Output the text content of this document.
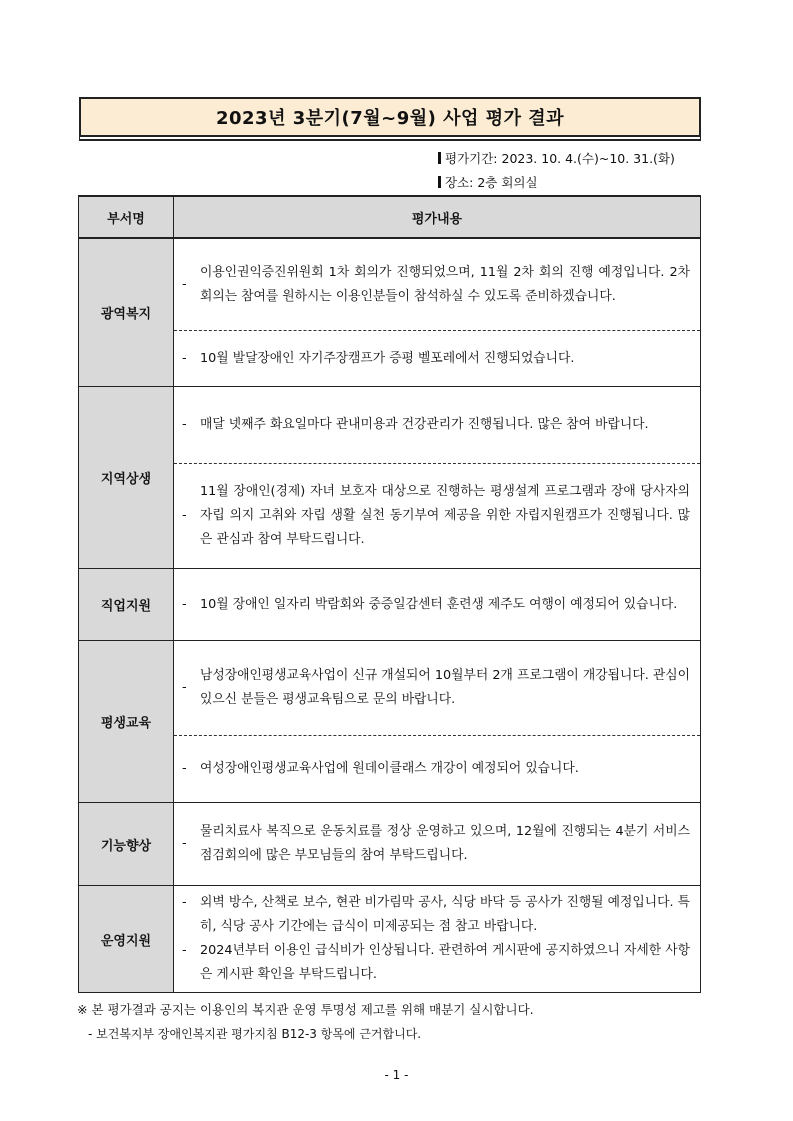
2023년 3분기(7월~9월) 사업 평가 결과
평가기간: 2023. 10. 4.(수)~10. 31.(화)
장소: 2층 회의실
부서명	평가내용
광역복지	-
이용인권익증진위원회 1차 회의가 진행되었으며, 11월 2차 회의 진행 예정입니다. 2차 회의는 참여를 원하시는 이용인분들이 참석하실 수 있도록 준비하겠습니다.
- 10월 발달장애인 자기주장캠프가 증평 벨포레에서 진행되었습니다.

지역상생	- 매달 넷째주 화요일마다 관내미용과 건강관리가 진행됩니다. 많은 참여 바랍니다.
-
11월 장애인(경제) 자녀 보호자 대상으로 진행하는 평생설계 프로그램과 장애 당사자의 자립 의지 고취와 자립 생활 실천 동기부여 제공을 위한 자립지원캠프가 진행됩니다. 많은 관심과 참여 부탁드립니다.

직업지원	- 10월 장애인 일자리 박람회와 중증일감센터 훈련생 제주도 여행이 예정되어 있습니다.

평생교육	-
남성장애인평생교육사업이 신규 개설되어 10월부터 2개 프로그램이 개강됩니다. 관심이 있으신 분들은 평생교육팀으로 문의 바랍니다.
- 여성장애인평생교육사업에 원데이클래스 개강이 예정되어 있습니다.

기능향상	-
물리치료사 복직으로 운동치료를 정상 운영하고 있으며, 12월에 진행되는 4분기 서비스점검회의에 많은 부모님들의 참여 부탁드립니다.

운영지원	- 외벽 방수, 산책로 보수, 현관 비가림막 공사, 식당 바닥 등 공사가 진행될 예정입니다. 특히, 식당 공사 기간에는 급식이 미제공되는 점 참고 바랍니다.
- 2024년부터 이용인 급식비가 인상됩니다. 관련하여 게시판에 공지하였으니 자세한 사항은 게시판 확인을 부탁드립니다.
※ 본 평가결과 공지는 이용인의 복지관 운영 투명성 제고를 위해 매분기 실시합니다.
- 보건복지부 장애인복지관 평가지침 B12-3 항목에 근거합니다.
- 1 -
